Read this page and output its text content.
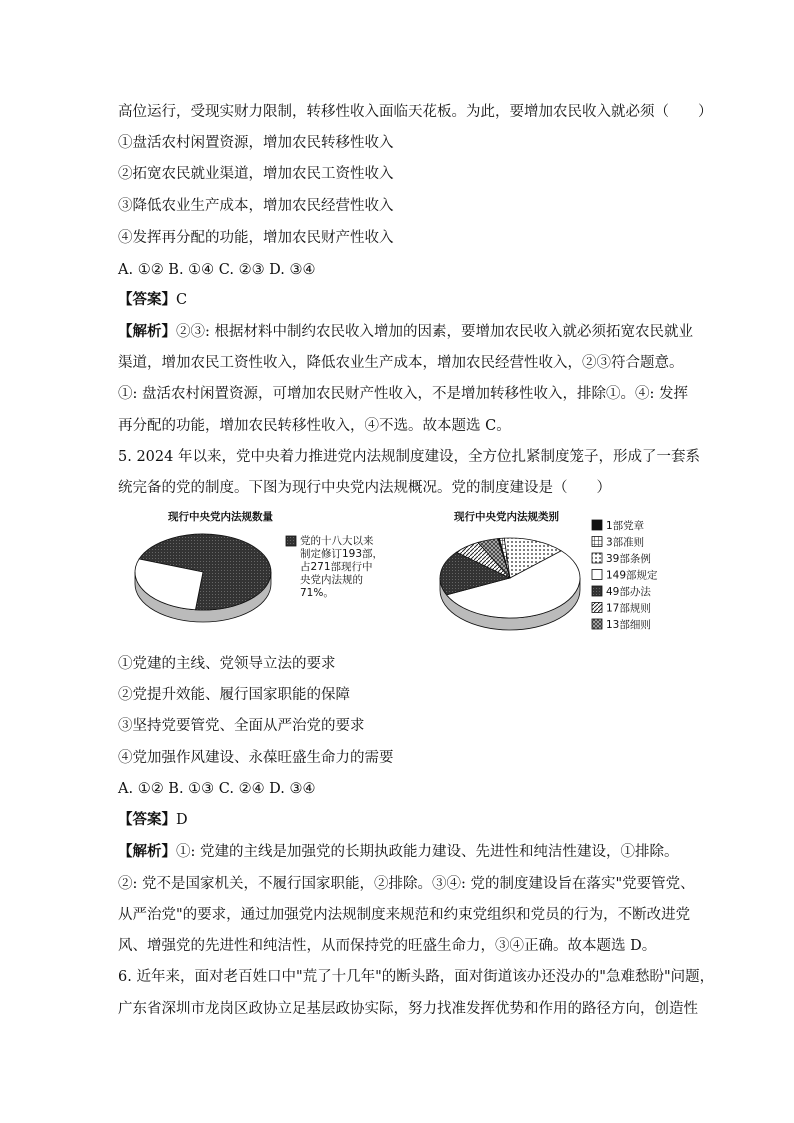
高位运行，受现实财力限制，转移性收入面临天花板。为此，要增加农民收入就必须（　　）
①盘活农村闲置资源，增加农民转移性收入
②拓宽农民就业渠道，增加农民工资性收入
③降低农业生产成本，增加农民经营性收入
④发挥再分配的功能，增加农民财产性收入
A. ①② B. ①④ C. ②③ D. ③④
【答案】C
【解析】②③: 根据材料中制约农民收入增加的因素，要增加农民收入就必须拓宽农民就业
渠道，增加农民工资性收入，降低农业生产成本，增加农民经营性收入，②③符合题意。
①: 盘活农村闲置资源，可增加农民财产性收入，不是增加转移性收入，排除①。④: 发挥
再分配的功能，增加农民转移性收入，④不选。故本题选 C。
5. 2024 年以来，党中央着力推进党内法规制度建设，全方位扎紧制度笼子，形成了一套系
统完备的党的制度。下图为现行中央党内法规概况。党的制度建设是（　　）
现行中央党内法规数量
党的十八大以来
制定修订193部，
占271部现行中
央党内法规的
71%。
现行中央党内法规类别
1部党章
3部准则
39部条例
149部规定
49部办法
17部规则
13部细则
①党建的主线、党领导立法的要求
②党提升效能、履行国家职能的保障
③坚持党要管党、全面从严治党的要求
④党加强作风建设、永葆旺盛生命力的需要
A. ①② B. ①③ C. ②④ D. ③④
【答案】D
【解析】①: 党建的主线是加强党的长期执政能力建设、先进性和纯洁性建设，①排除。
②: 党不是国家机关，不履行国家职能，②排除。③④: 党的制度建设旨在落实"党要管党、
从严治党"的要求，通过加强党内法规制度来规范和约束党组织和党员的行为，不断改进党
风、增强党的先进性和纯洁性，从而保持党的旺盛生命力，③④正确。故本题选 D。
6. 近年来，面对老百姓口中"荒了十几年"的断头路，面对街道该办还没办的"急难愁盼"问题，
广东省深圳市龙岗区政协立足基层政协实际，努力找准发挥优势和作用的路径方向，创造性
